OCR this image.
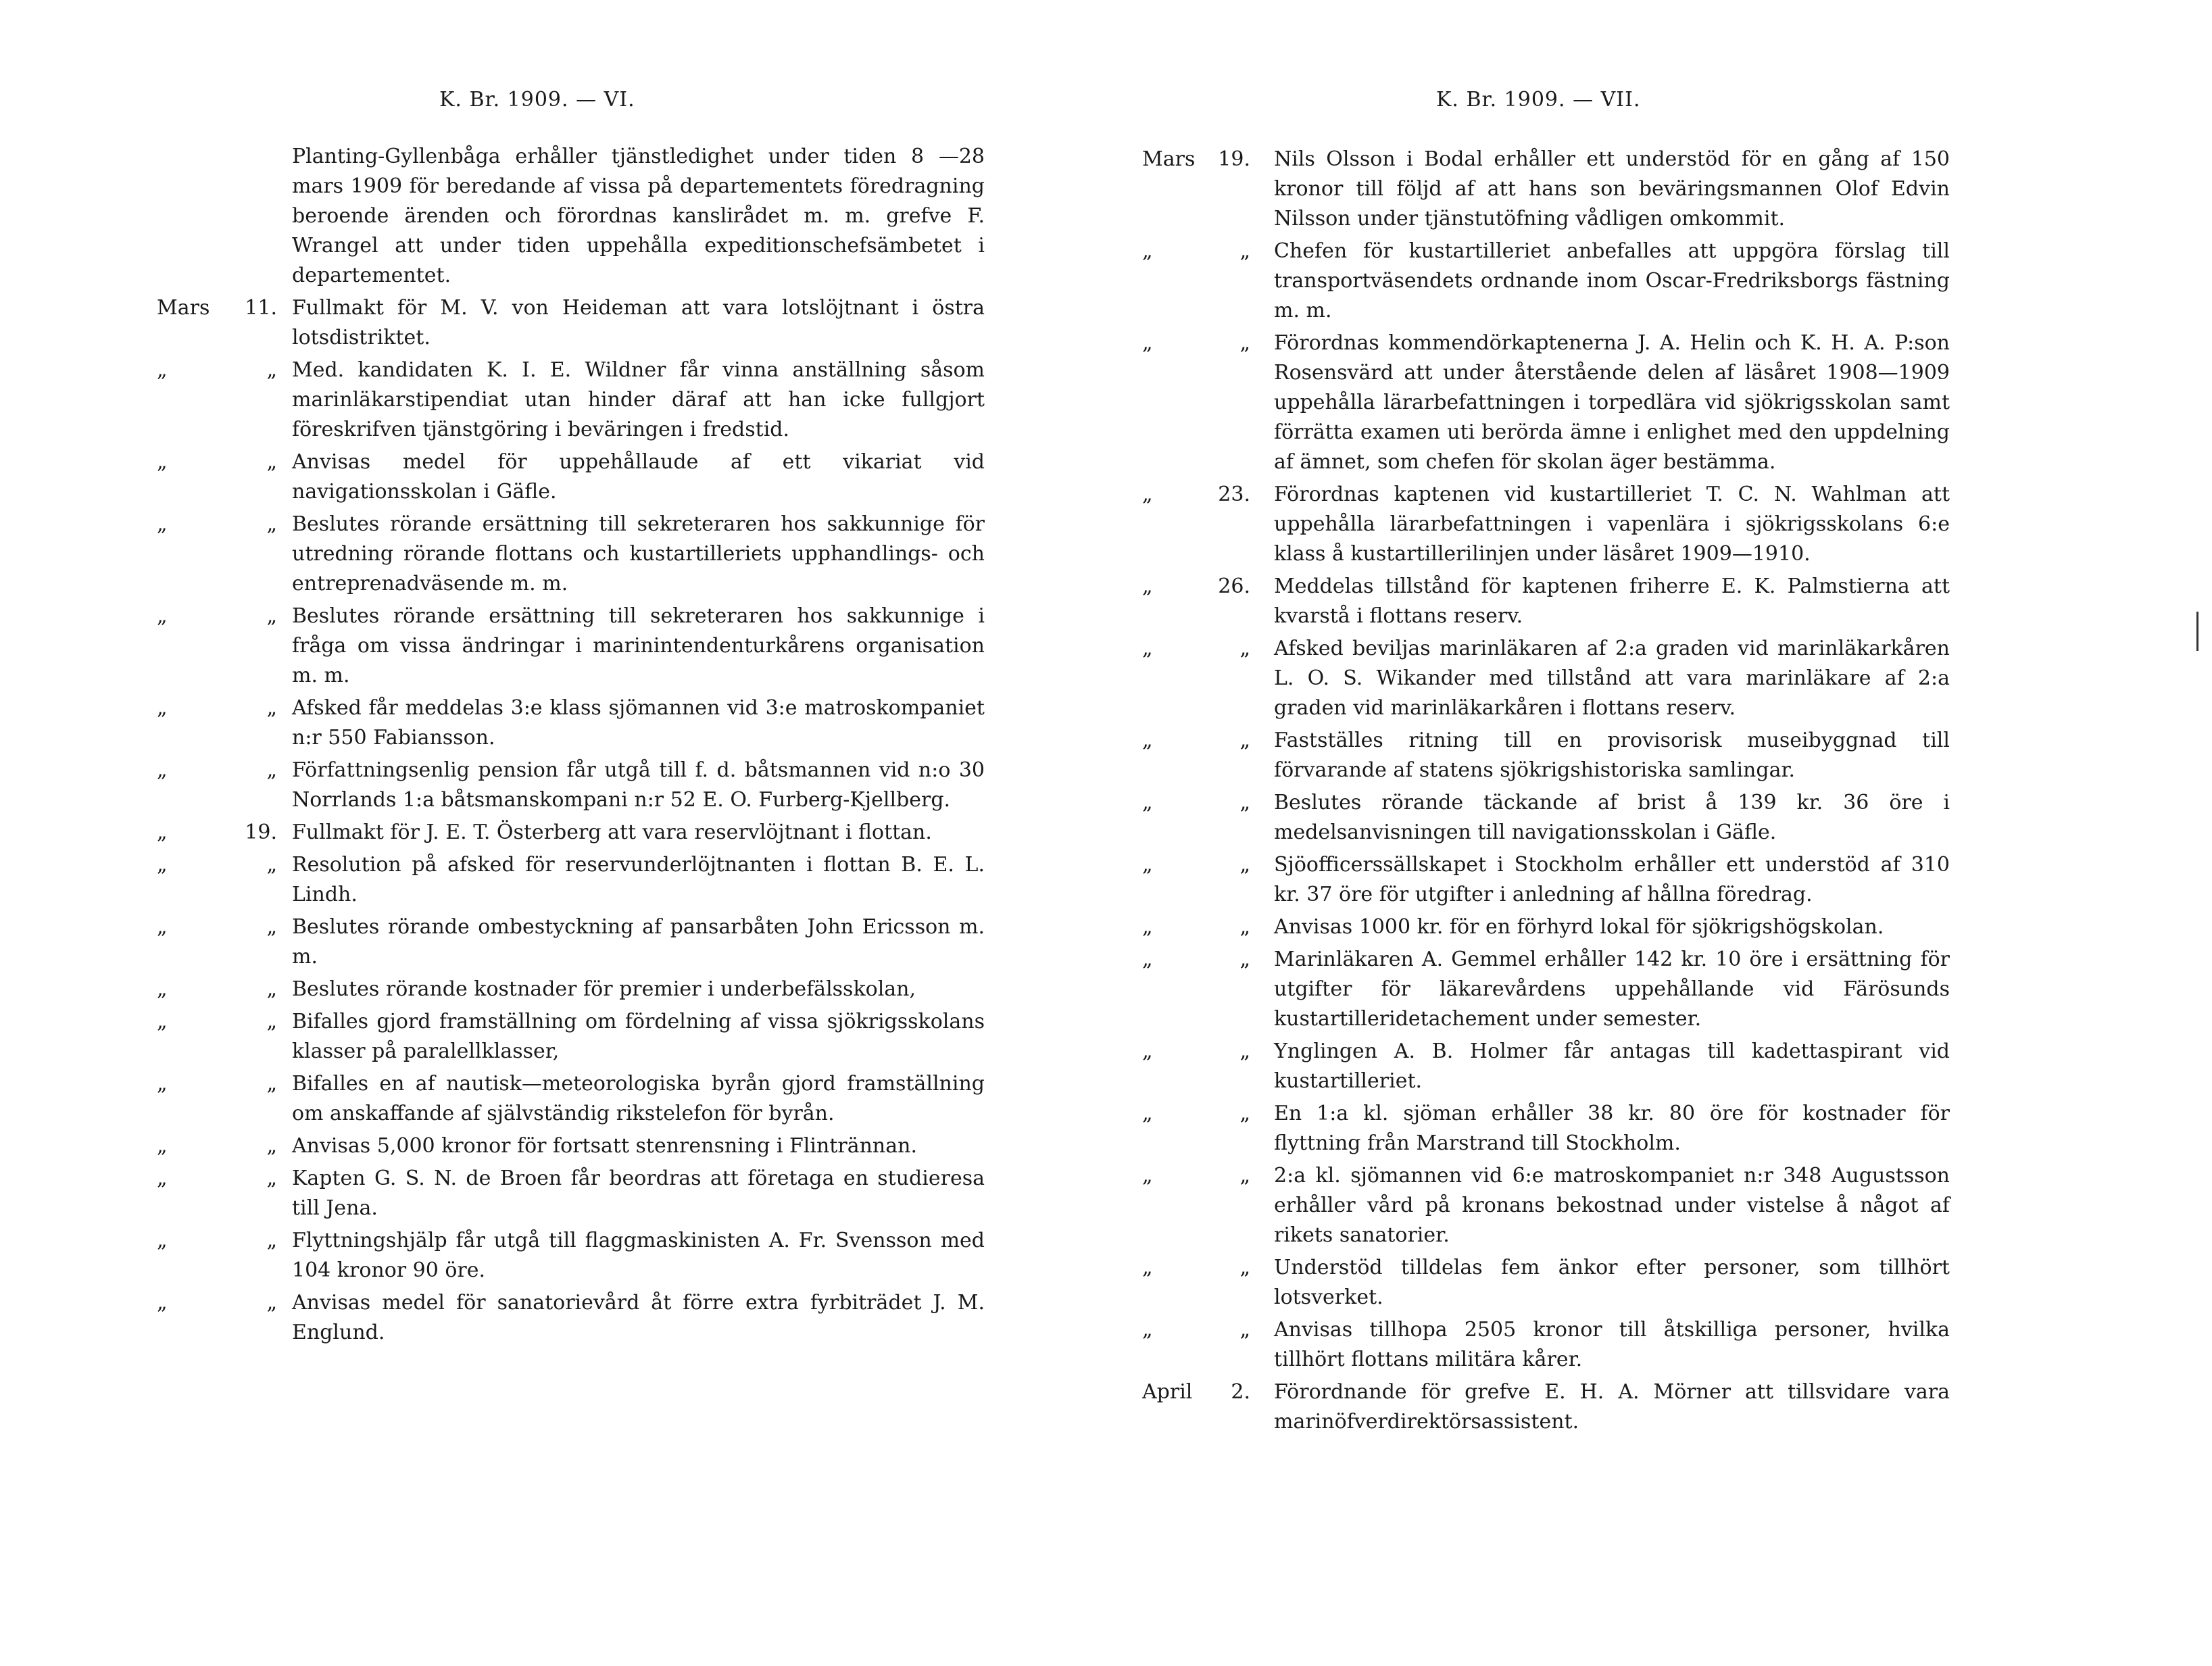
K. Br. 1909. — VI.
Planting-Gyllenbåga erhåller tjänstledighet under tiden 8 —28 mars 1909 för beredande af vissa på departementets föredragning beroende ärenden och förordnas kanslirådet m. m. grefve F. Wrangel att under tiden uppehålla expeditionschefsämbetet i departementet.
Mars 11. Fullmakt för M. V. von Heideman att vara lotslöjtnant i östra lotsdistriktet.
„	„ Med. kandidaten K. I. E. Wildner får vinna anställning såsom marinläkarstipendiat utan hinder däraf att han icke fullgjort föreskrifven tjänstgöring i beväringen i fredstid.
„	„ Anvisas medel för uppehållaude af ett vikariat vid navigationsskolan i Gäfle.
„	„ Beslutes rörande ersättning till sekreteraren hos sakkunnige för utredning rörande flottans och kustartilleriets upphandlings- och entreprenadväsende m. m.
„	„ Beslutes rörande ersättning till sekreteraren hos sakkunnige i fråga om vissa ändringar i marinintendenturkårens organisation m. m.
„	„ Afsked får meddelas 3:e klass sjömannen vid 3:e matroskompaniet n:r 550 Fabiansson.
„	„ Författningsenlig pension får utgå till f. d. båtsmannen vid n:o 30 Norrlands 1:a båtsmanskompani n:r 52 E. O. Furberg-Kjellberg.
„	19. Fullmakt för J. E. T. Österberg att vara reservlöjtnant i flottan.
„	„ Resolution på afsked för reservunderlöjtnanten i flottan B. E. L. Lindh.
„	„ Beslutes rörande ombestyckning af pansarbåten John Ericsson m. m.
„	„ Beslutes rörande kostnader för premier i underbefälsskolan,
„	„ Bifalles gjord framställning om fördelning af vissa sjökrigsskolans klasser på paralellklasser,
„	„ Bifalles en af nautisk—meteorologiska byrån gjord framställning om anskaffande af självständig rikstelefon för byrån.
„	„ Anvisas 5,000 kronor för fortsatt stenrensning i Flintrännan.
„	„ Kapten G. S. N. de Broen får beordras att företaga en studieresa till Jena.
„	„ Flyttningshjälp får utgå till flaggmaskinisten A. Fr. Svensson med 104 kronor 90 öre.
„	„ Anvisas medel för sanatorievård åt förre extra fyrbiträdet J. M. Englund.
K. Br. 1909. — VII.
Mars 19. Nils Olsson i Bodal erhåller ett understöd för en gång af 150 kronor till följd af att hans son beväringsmannen Olof Edvin Nilsson under tjänstutöfning vådligen omkommit.
„	„ Chefen för kustartilleriet anbefalles att uppgöra förslag till transportväsendets ordnande inom Oscar-Fredriksborgs fästning m. m.
„	„ Förordnas kommendörkaptenerna J. A. Helin och K. H. A. P:son Rosensvärd att under återstående delen af läsåret 1908—1909 uppehålla lärarbefattningen i torpedlära vid sjökrigsskolan samt förrätta examen uti berörda ämne i enlighet med den uppdelning af ämnet, som chefen för skolan äger bestämma.
„	23. Förordnas kaptenen vid kustartilleriet T. C. N. Wahlman att uppehålla lärarbefattningen i vapenlära i sjökrigsskolans 6:e klass å kustartillerilinjen under läsåret 1909—1910.
„	26. Meddelas tillstånd för kaptenen friherre E. K. Palmstierna att kvarstå i flottans reserv.
„	„ Afsked beviljas marinläkaren af 2:a graden vid marinläkarkåren L. O. S. Wikander med tillstånd att vara marinläkare af 2:a graden vid marinläkarkåren i flottans reserv.
„	„ Fastställes ritning till en provisorisk museibyggnad till förvarande af statens sjökrigshistoriska samlingar.
„	„ Beslutes rörande täckande af brist å 139 kr. 36 öre i medelsanvisningen till navigationsskolan i Gäfle.
„	„ Sjöofficerssällskapet i Stockholm erhåller ett understöd af 310 kr. 37 öre för utgifter i anledning af hållna föredrag.
„	„ Anvisas 1000 kr. för en förhyrd lokal för sjökrigshögskolan.
„	„ Marinläkaren A. Gemmel erhåller 142 kr. 10 öre i ersättning för utgifter för läkarevårdens uppehållande vid Färösunds kustartilleridetachement under semester.
„	„ Ynglingen A. B. Holmer får antagas till kadettaspirant vid kustartilleriet.
„	„ En 1:a kl. sjöman erhåller 38 kr. 80 öre för kostnader för flyttning från Marstrand till Stockholm.
„	„ 2:a kl. sjömannen vid 6:e matroskompaniet n:r 348 Augustsson erhåller vård på kronans bekostnad under vistelse å något af rikets sanatorier.
„	„ Understöd tilldelas fem änkor efter personer, som tillhört lotsverket.
„	„ Anvisas tillhopa 2505 kronor till åtskilliga personer, hvilka tillhört flottans militära kårer.
April	2. Förordnande för grefve E. H. A. Mörner att tillsvidare vara marinöfverdirektörsassistent.
